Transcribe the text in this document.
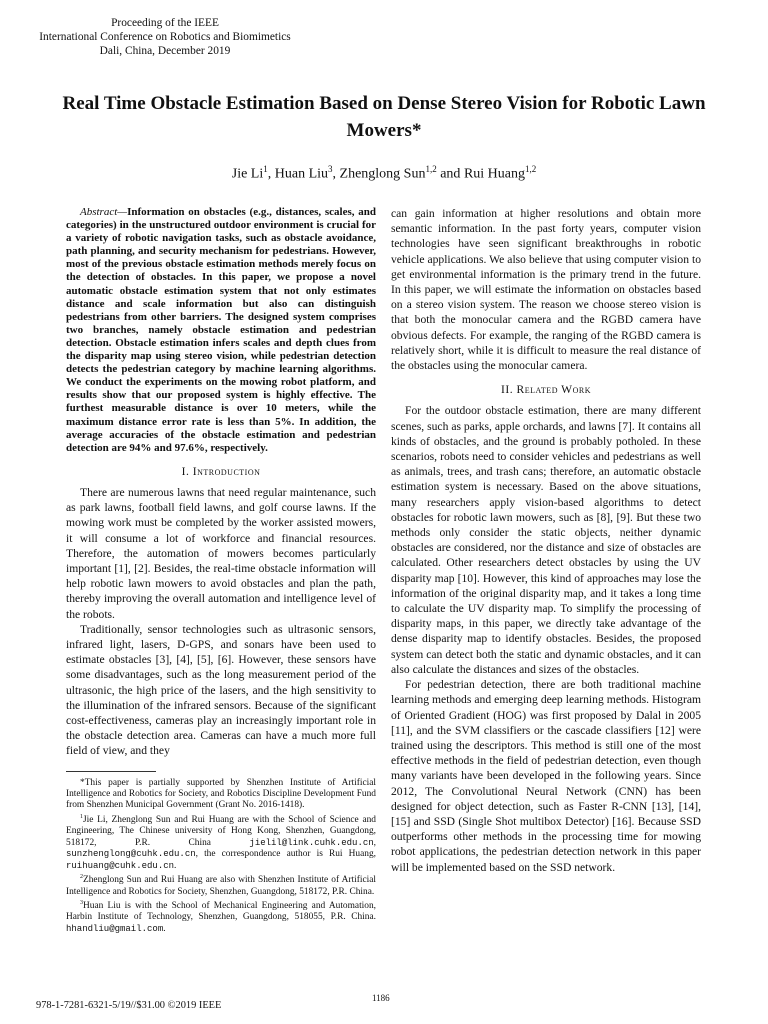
Proceeding of the IEEE
International Conference on Robotics and Biomimetics
Dali, China, December 2019
Real Time Obstacle Estimation Based on Dense Stereo Vision for Robotic Lawn Mowers*
Jie Li$^1$, Huan Liu$^3$, Zhenglong Sun$^{1,2}$ and Rui Huang$^{1,2}$

Abstract—Information on obstacles (e.g., distances, scales, and categories) in the unstructured outdoor environment is crucial for a variety of robotic navigation tasks, such as obstacle avoidance, path planning, and security mechanism for pedestrians. However, most of the previous obstacle estimation methods merely focus on the detection of obstacles. In this paper, we propose a novel automatic obstacle estimation system that not only estimates distance and scale information but also can distinguish pedestrians from other barriers. The designed system comprises two branches, namely obstacle estimation and pedestrian detection. Obstacle estimation infers scales and depth clues from the disparity map using stereo vision, while pedestrian detection detects the pedestrian category by machine learning algorithms. We conduct the experiments on the mowing robot platform, and results show that our proposed system is highly effective. The furthest measurable distance is over 10 meters, while the maximum distance error rate is less than 5%. In addition, the average accuracies of the obstacle estimation and pedestrian detection are 94% and 97.6%, respectively.

I. Introduction

There are numerous lawns that need regular maintenance, such as park lawns, football field lawns, and golf course lawns. If the mowing work must be completed by the worker assisted mowers, it will consume a lot of workforce and financial resources. Therefore, the automation of mowers becomes particularly important [1], [2]. Besides, the real-time obstacle information will help robotic lawn mowers to avoid obstacles and plan the path, thereby improving the overall automation and intelligence level of the robots.

Traditionally, sensor technologies such as ultrasonic sensors, infrared light, lasers, D-GPS, and sonars have been used to estimate obstacles [3], [4], [5], [6]. However, these sensors have some disadvantages, such as the long measurement period of the ultrasonic, the high price of the lasers, and the high sensitivity to the illumination of the infrared sensors. Because of the significant cost-effectiveness, cameras play an increasingly important role in the obstacle detection area. Cameras can have a much more full field of view, and they

*This paper is partially supported by Shenzhen Institute of Artificial Intelligence and Robotics for Society, and Robotics Discipline Development Fund from Shenzhen Municipal Government (Grant No. 2016-1418).

$^1$Jie Li, Zhenglong Sun and Rui Huang are with the School of Science and Engineering, The Chinese university of Hong Kong, Shenzhen, Guangdong, 518172, P.R. China	jielil@link.cuhk.edu.cn, sunzhenglong@cuhk.edu.cn, the correspondence author is Rui Huang, ruihuang@cuhk.edu.cn.

$^2$Zhenglong Sun and Rui Huang are also with Shenzhen Institute of Artificial Intelligence and Robotics for Society, Shenzhen, Guangdong, 518172, P.R. China.

$^3$Huan Liu is with the School of Mechanical Engineering and Automation, Harbin Institute of Technology, Shenzhen, Guangdong, 518055, P.R. China. hhandliu@gmail.com.

can gain information at higher resolutions and obtain more semantic information. In the past forty years, computer vision technologies have seen significant breakthroughs in robotic vehicle applications. We also believe that using computer vision to get environmental information is the primary trend in the future. In this paper, we will estimate the information on obstacles based on a stereo vision system. The reason we choose stereo vision is that both the monocular camera and the RGBD camera have obvious defects. For example, the ranging of the RGBD camera is relatively short, while it is difficult to measure the real distance of the obstacles using the monocular camera.

II. Related Work

For the outdoor obstacle estimation, there are many different scenes, such as parks, apple orchards, and lawns [7]. It contains all kinds of obstacles, and the ground is probably potholed. In these scenarios, robots need to consider vehicles and pedestrians as well as animals, trees, and trash cans; therefore, an automatic obstacle estimation system is necessary. Based on the above situations, many researchers apply vision-based algorithms to detect obstacles for robotic lawn mowers, such as [8], [9]. But these two methods only consider the static objects, neither dynamic obstacles are considered, nor the distance and size of obstacles are calculated. Other researchers detect obstacles by using the UV disparity map [10]. However, this kind of approaches may lose the information of the original disparity map, and it takes a long time to calculate the UV disparity map. To simplify the processing of disparity maps, in this paper, we directly take advantage of the dense disparity map to identify obstacles. Besides, the proposed system can detect both the static and dynamic obstacles, and it can also calculate the distances and sizes of the obstacles.

For pedestrian detection, there are both traditional machine learning methods and emerging deep learning methods. Histogram of Oriented Gradient (HOG) was first proposed by Dalal in 2005 [11], and the SVM classifiers or the cascade classifiers [12] were trained using the descriptors. This method is still one of the most effective methods in the field of pedestrian detection, even though many variants have been developed in the following years. Since 2012, The Convolutional Neural Network (CNN) has been designed for object detection, such as Faster R-CNN [13], [14], [15] and SSD (Single Shot multibox Detector) [16]. Because SSD outperforms other methods in the processing time for mowing robot applications, the pedestrian detection network in this paper will be implemented based on the SSD network.

978-1-7281-6321-5/19//$31.00 ©2019 IEEE
1186
